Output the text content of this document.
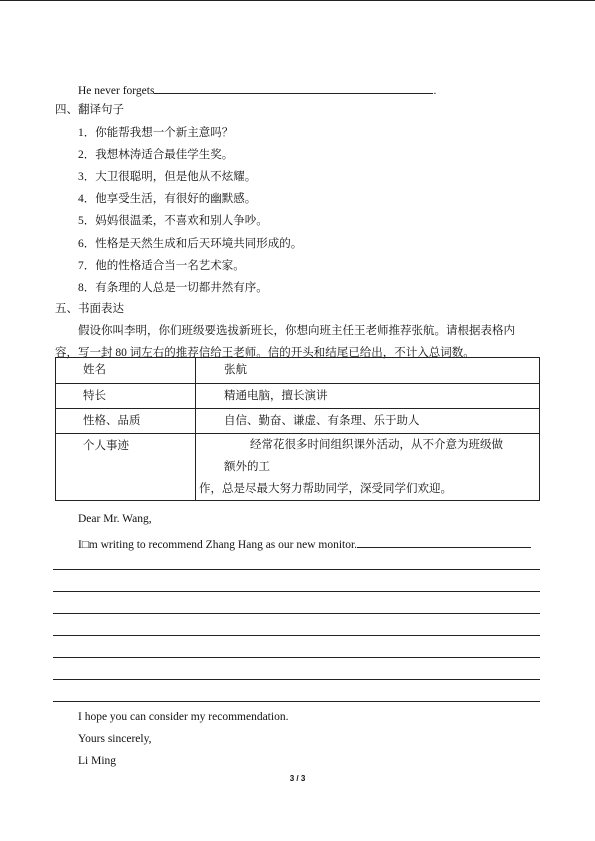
He never forgets	.
四、翻译句子
1．你能帮我想一个新主意吗？
2．我想林涛适合最佳学生奖。
3．大卫很聪明，但是他从不炫耀。
4．他享受生活，有很好的幽默感。
5．妈妈很温柔，不喜欢和别人争吵。
6．性格是天然生成和后天环境共同形成的。
7．他的性格适合当一名艺术家。
8．有条理的人总是一切都井然有序。
五、书面表达
假设你叫李明，你们班级要选拔新班长，你想向班主任王老师推荐张航。请根据表格内
容，写一封 80 词左右的推荐信给王老师。信的开头和结尾已给出，不计入总词数。
姓名	张航
特长	精通电脑，擅长演讲
性格、品质	自信、勤奋、谦虚、有条理、乐于助人
个人事迹	经常花很多时间组织课外活动，从不介意为班级做额外的工
作，总是尽最大努力帮助同学，深受同学们欢迎。
Dear Mr. Wang,
I□m writing to recommend Zhang Hang as our new monitor.
I hope you can consider my recommendation.
Yours sincerely,
Li Ming
3 / 3
